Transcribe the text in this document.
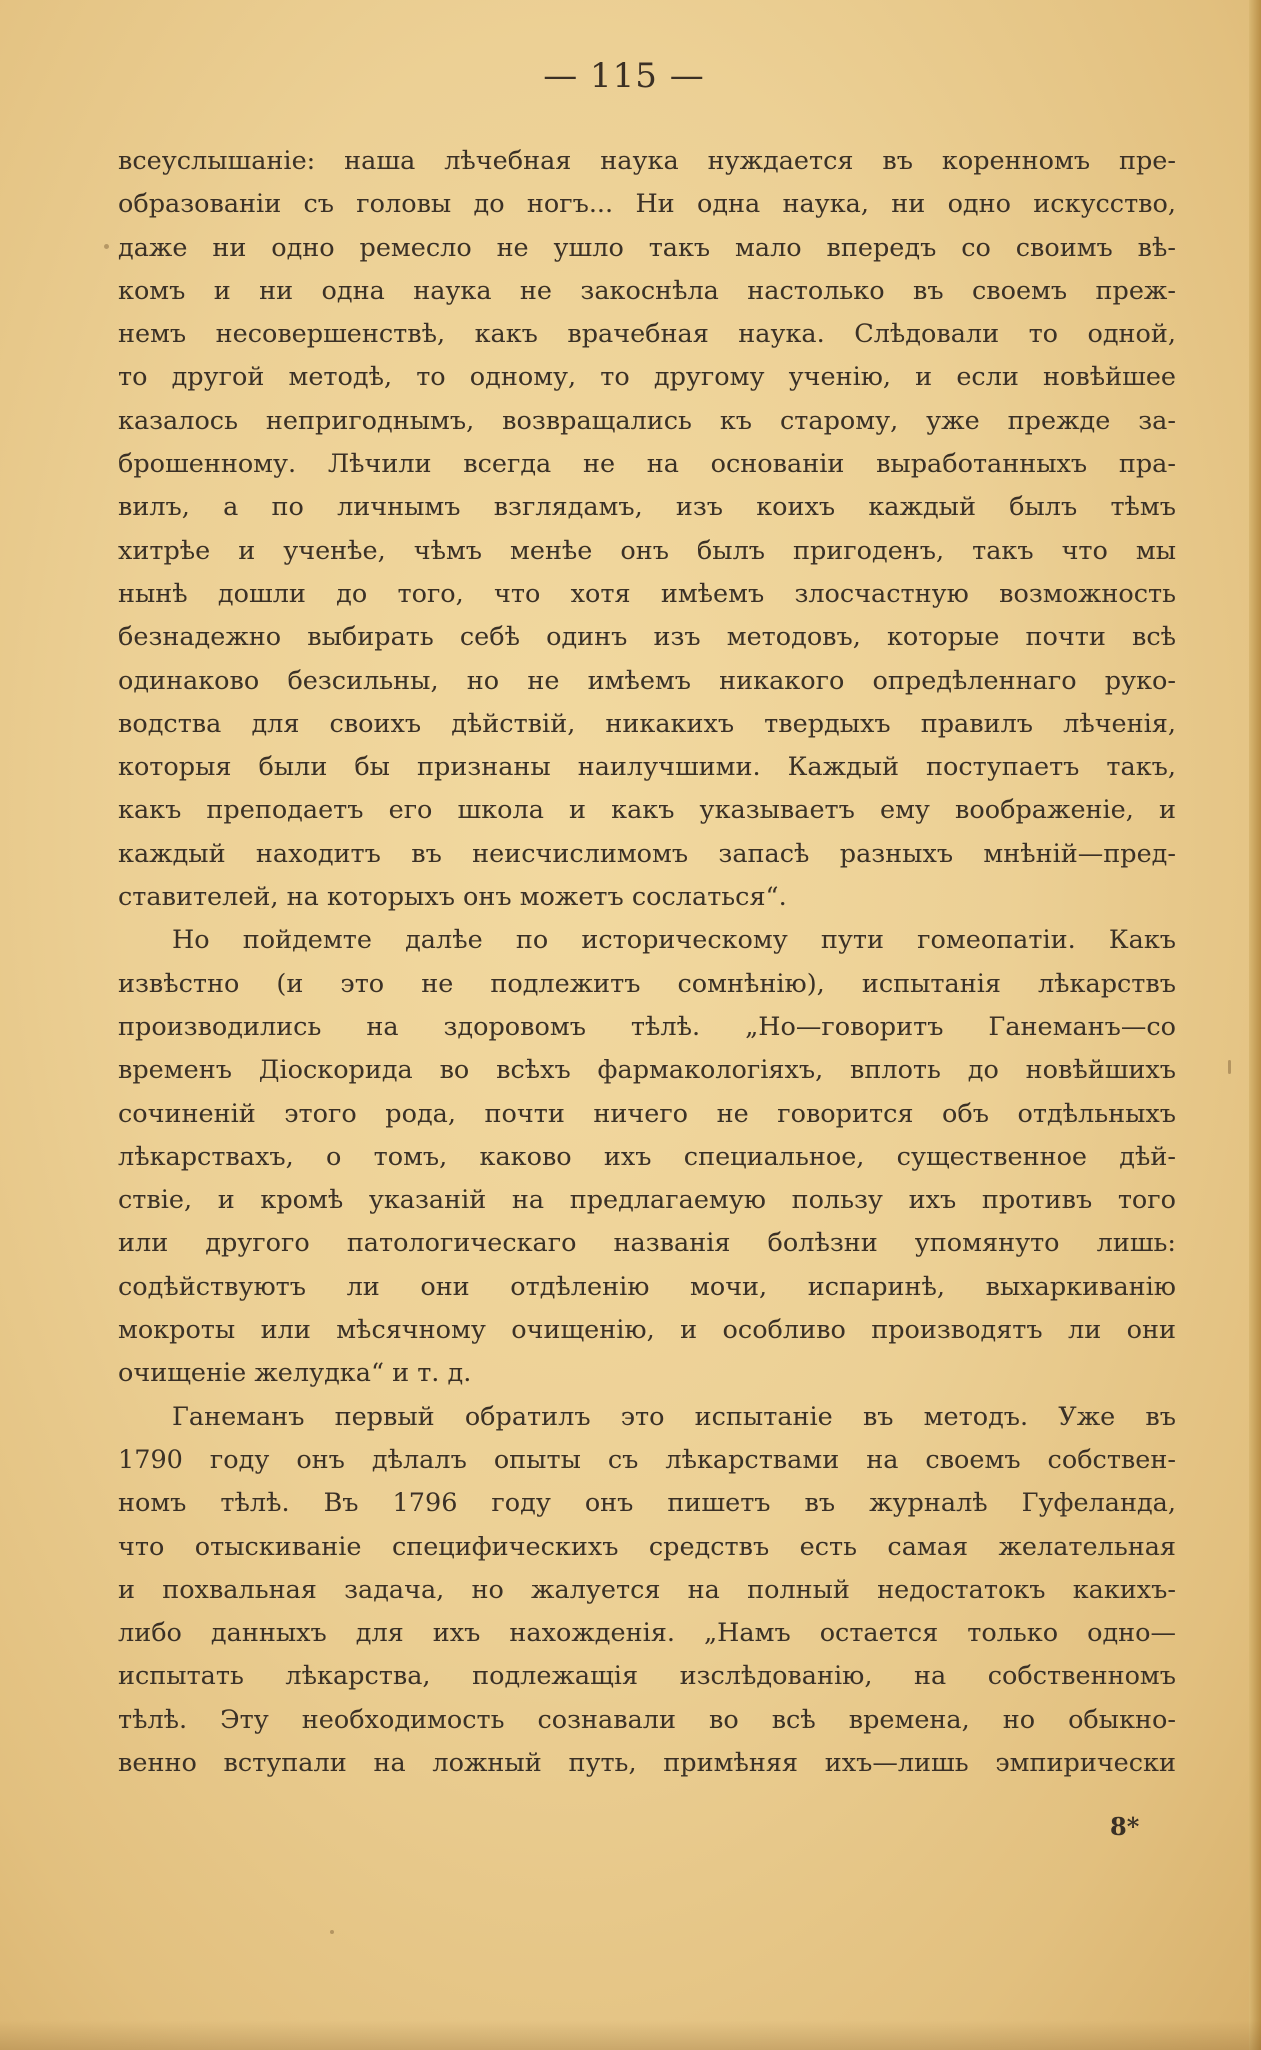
— 115 —
всеуслышаніе: наша лѣчебная наука нуждается въ коренномъ пре-
образованіи съ головы до ногъ... Ни одна наука, ни одно искусство,
даже ни одно ремесло не ушло такъ мало впередъ со своимъ вѣ-
комъ и ни одна наука не закоснѣла настолько въ своемъ преж-
немъ несовершенствѣ, какъ врачебная наука. Слѣдовали то одной,
то другой методѣ, то одному, то другому ученію, и если новѣйшее
казалось непригоднымъ, возвращались къ старому, уже прежде за-
брошенному. Лѣчили всегда не на основаніи выработанныхъ пра-
вилъ, а по личнымъ взглядамъ, изъ коихъ каждый былъ тѣмъ
хитрѣе и ученѣе, чѣмъ менѣе онъ былъ пригоденъ, такъ что мы
нынѣ дошли до того, что хотя имѣемъ злосчастную возможность
безнадежно выбирать себѣ одинъ изъ методовъ, которые почти всѣ
одинаково безсильны, но не имѣемъ никакого опредѣленнаго руко-
водства для своихъ дѣйствій, никакихъ твердыхъ правилъ лѣченія,
которыя были бы признаны наилучшими. Каждый поступаетъ такъ,
какъ преподаетъ его школа и какъ указываетъ ему воображеніе, и
каждый находитъ въ неисчислимомъ запасѣ разныхъ мнѣній—пред-
ставителей, на которыхъ онъ можетъ сослаться“.
Но пойдемте далѣе по историческому пути гомеопатіи. Какъ
извѣстно (и это не подлежитъ сомнѣнію), испытанія лѣкарствъ
производились на здоровомъ тѣлѣ. „Но—говоритъ Ганеманъ—со
временъ Діоскорида во всѣхъ фармакологіяхъ, вплоть до новѣйшихъ
сочиненій этого рода, почти ничего не говорится объ отдѣльныхъ
лѣкарствахъ, о томъ, каково ихъ специальное, существенное дѣй-
ствіе, и кромѣ указаній на предлагаемую пользу ихъ противъ того
или другого патологическаго названія болѣзни упомянуто лишь:
содѣйствуютъ ли они отдѣленію мочи, испаринѣ, выхаркиванію
мокроты или мѣсячному очищенію, и особливо производятъ ли они
очищеніе желудка“ и т. д.
Ганеманъ первый обратилъ это испытаніе въ методъ. Уже въ
1790 году онъ дѣлалъ опыты съ лѣкарствами на своемъ собствен-
номъ тѣлѣ. Въ 1796 году онъ пишетъ въ журналѣ Гуфеланда,
что отыскиваніе специфическихъ средствъ есть самая желательная
и похвальная задача, но жалуется на полный недостатокъ какихъ-
либо данныхъ для ихъ нахожденія. „Намъ остается только одно—
испытать лѣкарства, подлежащія изслѣдованію, на собственномъ
тѣлѣ. Эту необходимость сознавали во всѣ времена, но обыкно-
венно вступали на ложный путь, примѣняя ихъ—лишь эмпирически
8*
